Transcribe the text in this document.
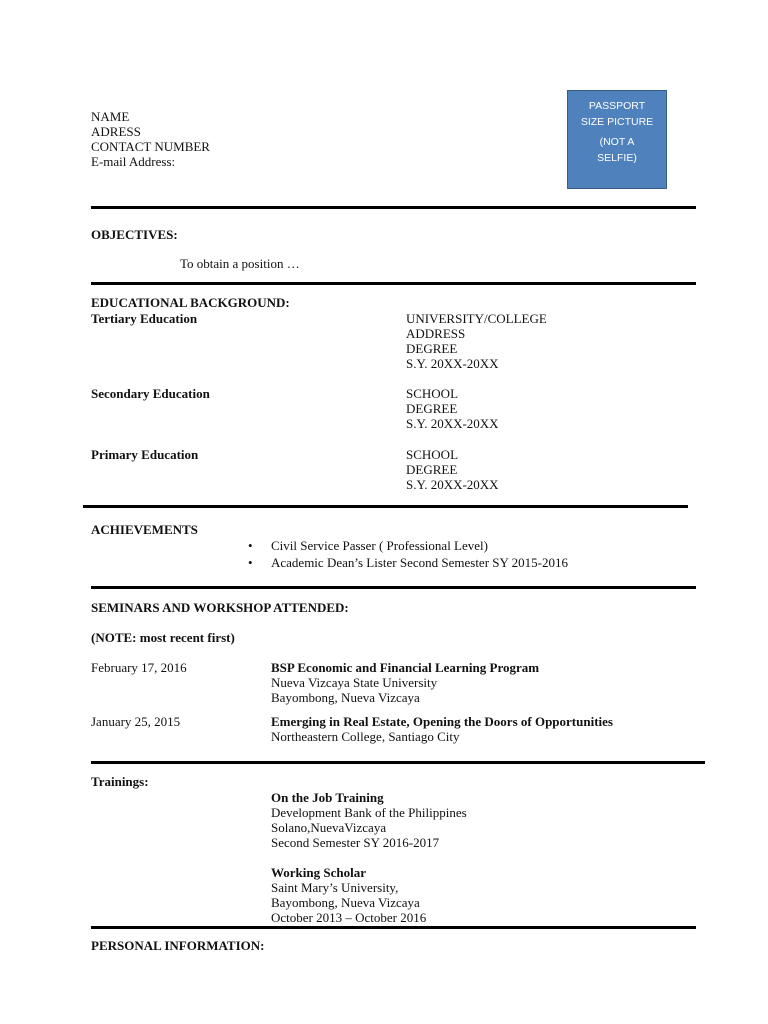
NAME
ADRESS
CONTACT NUMBER
E-mail Address:
PASSPORT
SIZE PICTURE
(NOT A
SELFIE)
OBJECTIVES:
To obtain a position …
EDUCATIONAL BACKGROUND:
Tertiary Education	UNIVERSITY/COLLEGE
ADDRESS
DEGREE
S.Y. 20XX-20XX
Secondary Education	SCHOOL
DEGREE
S.Y. 20XX-20XX
Primary Education	SCHOOL
DEGREE
S.Y. 20XX-20XX
ACHIEVEMENTS
• Civil Service Passer ( Professional Level)
• Academic Dean’s Lister Second Semester SY 2015-2016
SEMINARS AND WORKSHOP ATTENDED:
(NOTE: most recent first)
February 17, 2016	BSP Economic and Financial Learning Program
Nueva Vizcaya State University
Bayombong, Nueva Vizcaya
January 25, 2015	Emerging in Real Estate, Opening the Doors of Opportunities
Northeastern College, Santiago City
Trainings:
On the Job Training
Development Bank of the Philippines
Solano,NuevaVizcaya
Second Semester SY 2016-2017
Working Scholar
Saint Mary’s University,
Bayombong, Nueva Vizcaya
October 2013 – October 2016
PERSONAL INFORMATION:
